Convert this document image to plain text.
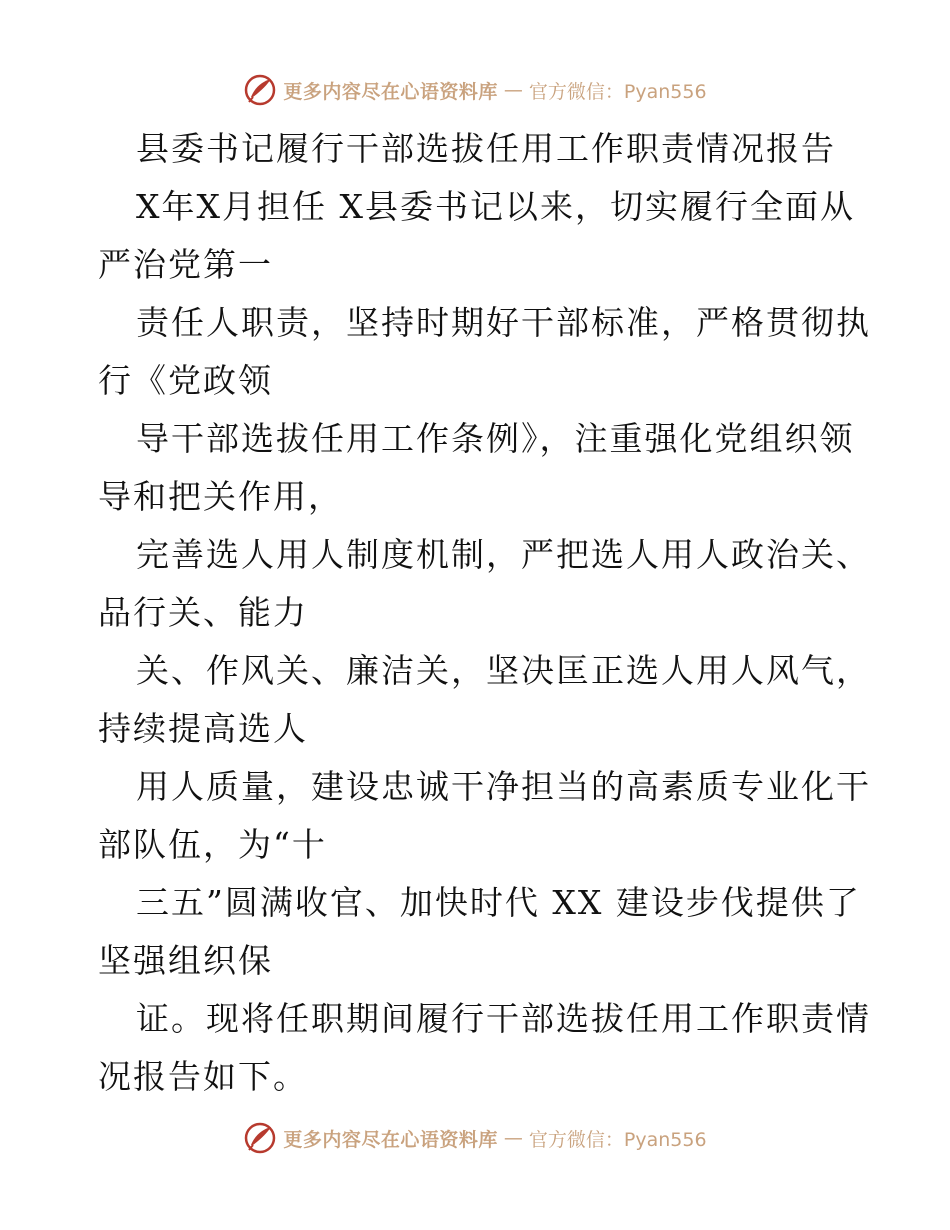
更多内容尽在心语资料库 — 官方微信：Pyan556
县委书记履行干部选拔任用工作职责情况报告
X年X月担任 X县委书记以来，切实履行全面从
严治党第一
责任人职责，坚持时期好干部标准，严格贯彻执
行《党政领
导干部选拔任用工作条例》，注重强化党组织领
导和把关作用，
完善选人用人制度机制，严把选人用人政治关、
品行关、能力
关、作风关、廉洁关，坚决匡正选人用人风气，
持续提高选人
用人质量，建设忠诚干净担当的高素质专业化干
部队伍，为“十
三五”圆满收官、加快时代 XX 建设步伐提供了
坚强组织保
证。现将任职期间履行干部选拔任用工作职责情
况报告如下。
更多内容尽在心语资料库 — 官方微信：Pyan556
